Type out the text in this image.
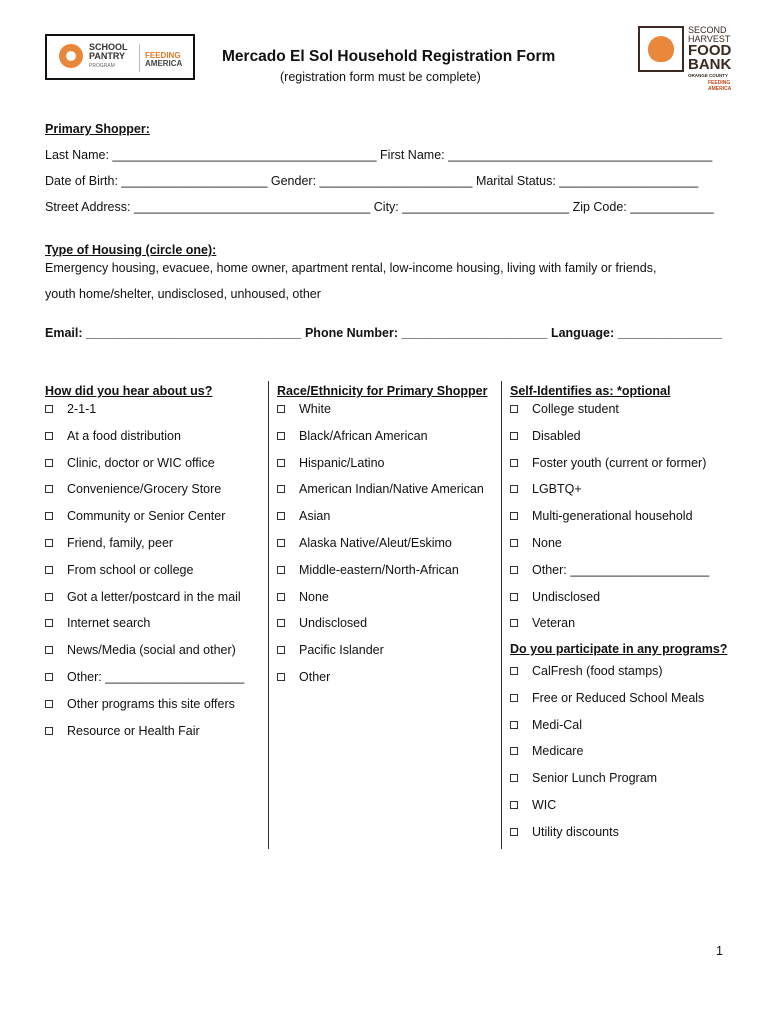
SCHOOL
PANTRY
PROGRAM
FEEDING
AMERICA
SECOND
HARVEST
FOOD
BANK
ORANGE COUNTY
FEEDING AMERICA
Mercado El Sol Household Registration Form
(registration form must be complete)
Primary Shopper:
Last Name: ______________________________________ First Name: ______________________________________
Date of Birth: _____________________ Gender: ______________________ Marital Status: ____________________
Street Address: __________________________________ City: ________________________ Zip Code: ____________
Type of Housing (circle one):
Emergency housing, evacuee, home owner, apartment rental, low-income housing, living with family or friends,
youth home/shelter, undisclosed, unhoused, other
Email: _______________________________ Phone Number: _____________________ Language: _______________
How did you hear about us?	Race/Ethnicity for Primary Shopper Self-Identifies as: *optional
Do you participate in any programs?
2-1-1
At a food distribution
Clinic, doctor or WIC office
Convenience/Grocery Store
Community or Senior Center
Friend, family, peer
From school or college
Got a letter/postcard in the mail
Internet search
News/Media (social and other)
Other: ____________________
Other programs this site offers
Resource or Health Fair
White
Black/African American
Hispanic/Latino
American Indian/Native American
Asian
Alaska Native/Aleut/Eskimo
Middle-eastern/North-African
None
Undisclosed
Pacific Islander
Other
College student
Disabled
Foster youth (current or former)
LGBTQ+
Multi-generational household
None
Other: ____________________
Undisclosed
Veteran
CalFresh (food stamps)
Free or Reduced School Meals
Medi-Cal
Medicare
Senior Lunch Program
WIC
Utility discounts
1
